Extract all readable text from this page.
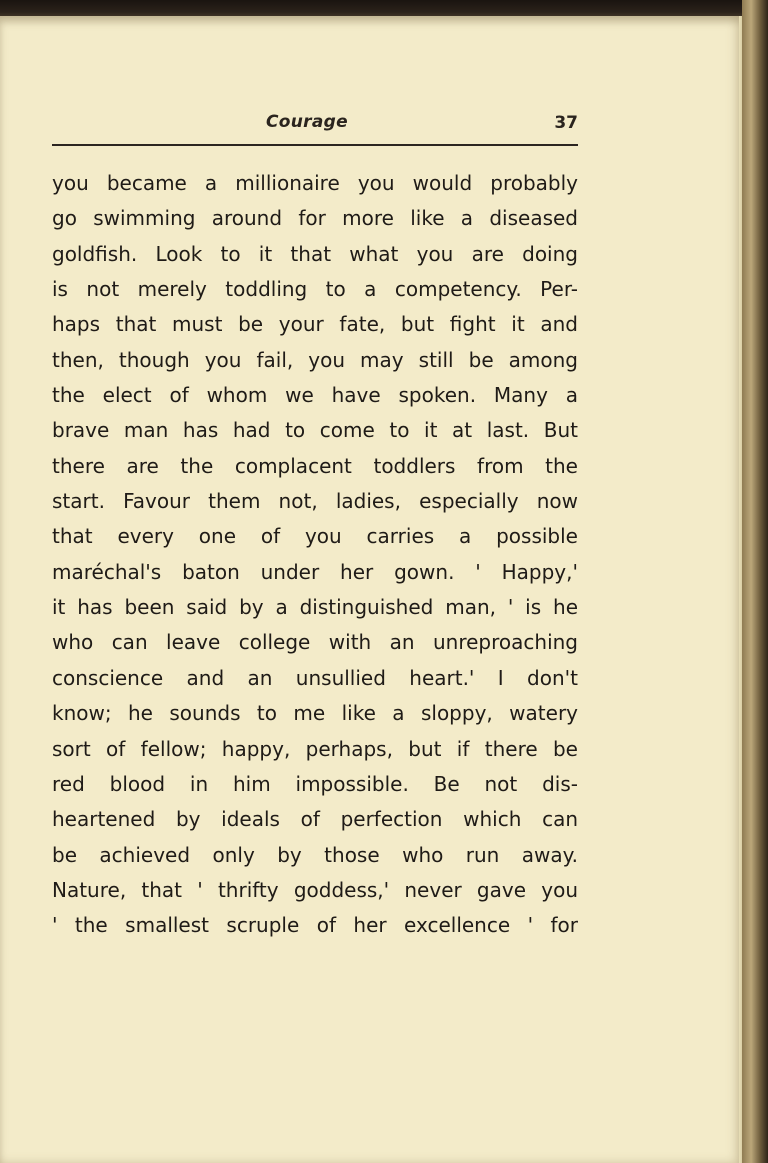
Courage	37
you became a millionaire you would probably
go swimming around for more like a diseased
goldfish. Look to it that what you are doing
is not merely toddling to a competency. Per-
haps that must be your fate, but fight it and
then, though you fail, you may still be among
the elect of whom we have spoken. Many a
brave man has had to come to it at last. But
there are the complacent toddlers from the
start. Favour them not, ladies, especially now
that every one of you carries a possible
maréchal's baton under her gown. ' Happy,'
it has been said by a distinguished man, ' is he
who can leave college with an unreproaching
conscience and an unsullied heart.' I don't
know; he sounds to me like a sloppy, watery
sort of fellow; happy, perhaps, but if there be
red blood in him impossible. Be not dis-
heartened by ideals of perfection which can
be achieved only by those who run away.
Nature, that ' thrifty goddess,' never gave you
' the smallest scruple of her excellence ' for
